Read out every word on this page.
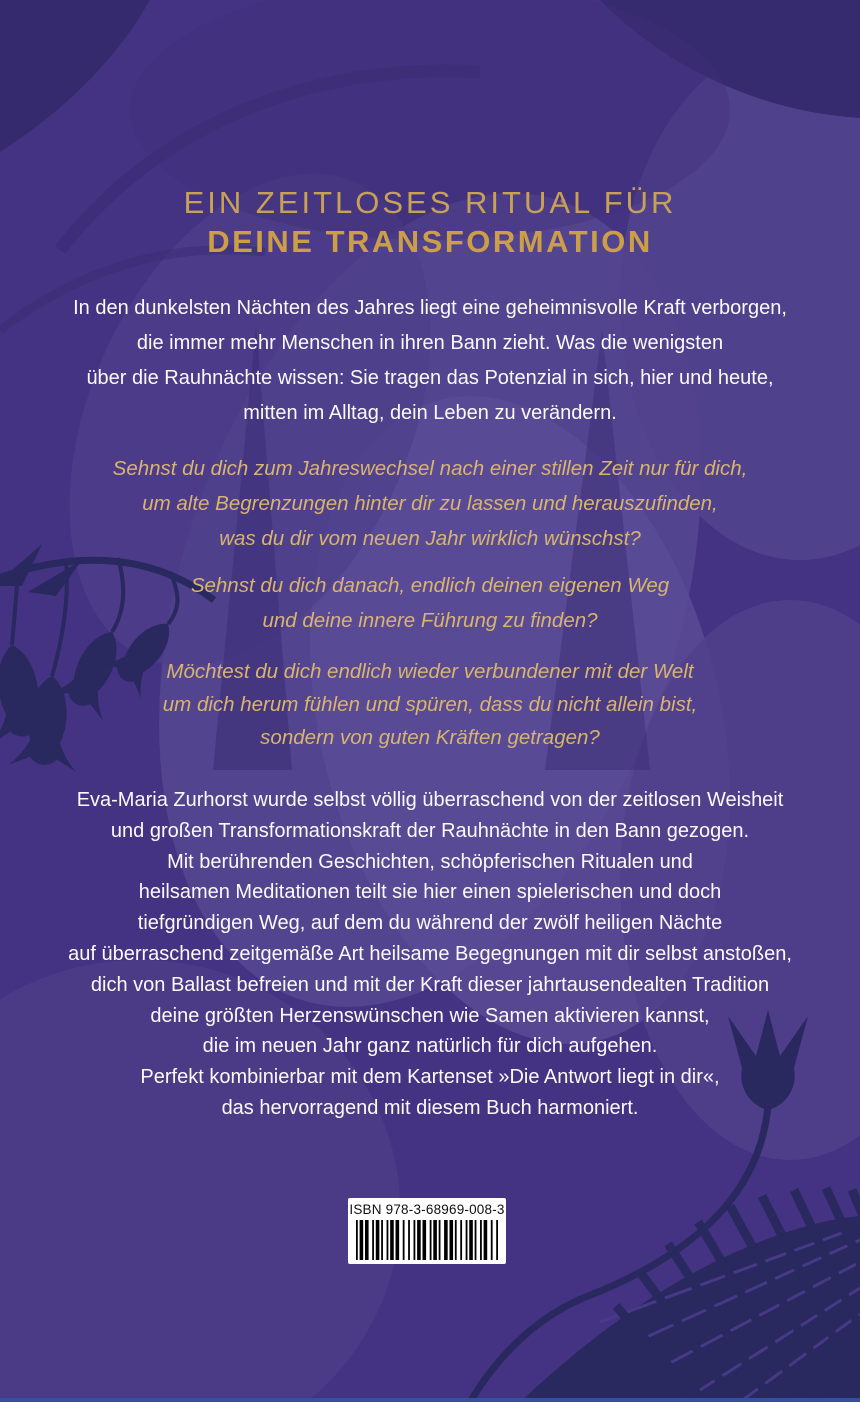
EIN ZEITLOSES RITUAL FÜR
DEINE TRANSFORMATION
In den dunkelsten Nächten des Jahres liegt eine geheimnisvolle Kraft verborgen,
die immer mehr Menschen in ihren Bann zieht. Was die wenigsten
über die Rauhnächte wissen: Sie tragen das Potenzial in sich, hier und heute,
mitten im Alltag, dein Leben zu verändern.
Sehnst du dich zum Jahreswechsel nach einer stillen Zeit nur für dich,
um alte Begrenzungen hinter dir zu lassen und herauszufinden,
was du dir vom neuen Jahr wirklich wünschst?
Sehnst du dich danach, endlich deinen eigenen Weg
und deine innere Führung zu finden?
Möchtest du dich endlich wieder verbundener mit der Welt
um dich herum fühlen und spüren, dass du nicht allein bist,
sondern von guten Kräften getragen?
Eva-Maria Zurhorst wurde selbst völlig überraschend von der zeitlosen Weisheit
und großen Transformationskraft der Rauhnächte in den Bann gezogen.
Mit berührenden Geschichten, schöpferischen Ritualen und
heilsamen Meditationen teilt sie hier einen spielerischen und doch
tiefgründigen Weg, auf dem du während der zwölf heiligen Nächte
auf überraschend zeitgemäße Art heilsame Begegnungen mit dir selbst anstoßen,
dich von Ballast befreien und mit der Kraft dieser jahrtausendealten Tradition
deine größten Herzenswünschen wie Samen aktivieren kannst,
die im neuen Jahr ganz natürlich für dich aufgehen.
Perfekt kombinierbar mit dem Kartenset »Die Antwort liegt in dir«,
das hervorragend mit diesem Buch harmoniert.
ISBN 978-3-68969-008-3
